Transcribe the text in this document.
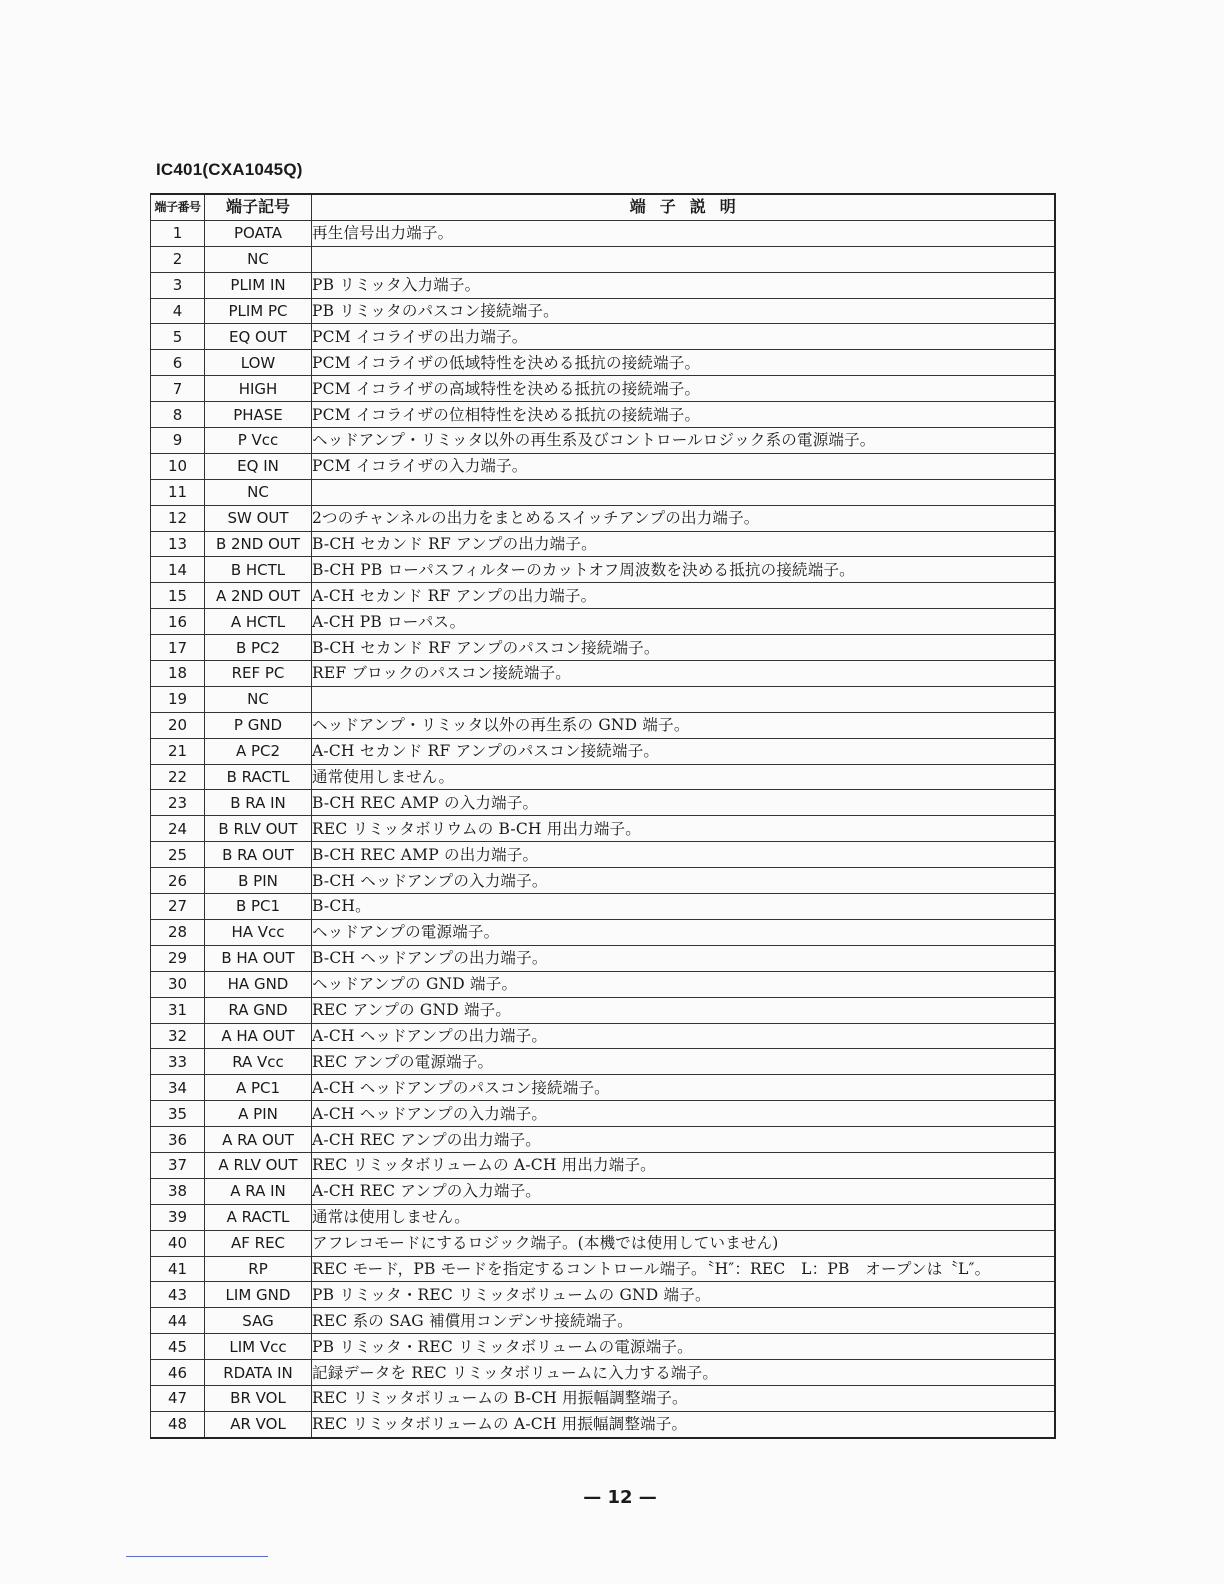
IC401(CXA1045Q)
端子番号	端子記号	端子説明
1	POATA	再生信号出力端子。
2	NC	
3	PLIM IN	PB リミッタ入力端子。
4	PLIM PC	PB リミッタのパスコン接続端子。
5	EQ OUT	PCM イコライザの出力端子。
6	LOW	PCM イコライザの低域特性を決める抵抗の接続端子。
7	HIGH	PCM イコライザの高域特性を決める抵抗の接続端子。
8	PHASE	PCM イコライザの位相特性を決める抵抗の接続端子。
9	P Vcc	ヘッドアンプ・リミッタ以外の再生系及びコントロールロジック系の電源端子。
10	EQ IN	PCM イコライザの入力端子。
11	NC	
12	SW OUT	2つのチャンネルの出力をまとめるスイッチアンプの出力端子。
13	B 2ND OUT	B-CH セカンド RF アンプの出力端子。
14	B HCTL	B-CH PB ローパスフィルターのカットオフ周波数を決める抵抗の接続端子。
15	A 2ND OUT	A-CH セカンド RF アンプの出力端子。
16	A HCTL	A-CH PB ローパス。
17	B PC2	B-CH セカンド RF アンプのパスコン接続端子。
18	REF PC	REF ブロックのパスコン接続端子。
19	NC	
20	P GND	ヘッドアンプ・リミッタ以外の再生系の GND 端子。
21	A PC2	A-CH セカンド RF アンプのパスコン接続端子。
22	B RACTL	通常使用しません。
23	B RA IN	B-CH REC AMP の入力端子。
24	B RLV OUT	REC リミッタボリウムの B-CH 用出力端子。
25	B RA OUT	B-CH REC AMP の出力端子。
26	B PIN	B-CH ヘッドアンプの入力端子。
27	B PC1	B-CH。
28	HA Vcc	ヘッドアンプの電源端子。
29	B HA OUT	B-CH ヘッドアンプの出力端子。
30	HA GND	ヘッドアンプの GND 端子。
31	RA GND	REC アンプの GND 端子。
32	A HA OUT	A-CH ヘッドアンプの出力端子。
33	RA Vcc	REC アンプの電源端子。
34	A PC1	A-CH ヘッドアンプのパスコン接続端子。
35	A PIN	A-CH ヘッドアンプの入力端子。
36	A RA OUT	A-CH REC アンプの出力端子。
37	A RLV OUT	REC リミッタボリュームの A-CH 用出力端子。
38	A RA IN	A-CH REC アンプの入力端子。
39	A RACTL	通常は使用しません。
40	AF REC	アフレコモードにするロジック端子。(本機では使用していません)
41	RP	REC モード，PB モードを指定するコントロール端子。〝H″：REC　L：PB　オープンは〝L″。
43	LIM GND	PB リミッタ・REC リミッタボリュームの GND 端子。
44	SAG	REC 系の SAG 補償用コンデンサ接続端子。
45	LIM Vcc	PB リミッタ・REC リミッタボリュームの電源端子。
46	RDATA IN	記録データを REC リミッタボリュームに入力する端子。
47	BR VOL	REC リミッタボリュームの B-CH 用振幅調整端子。
48	AR VOL	REC リミッタボリュームの A-CH 用振幅調整端子。
— 12 —
